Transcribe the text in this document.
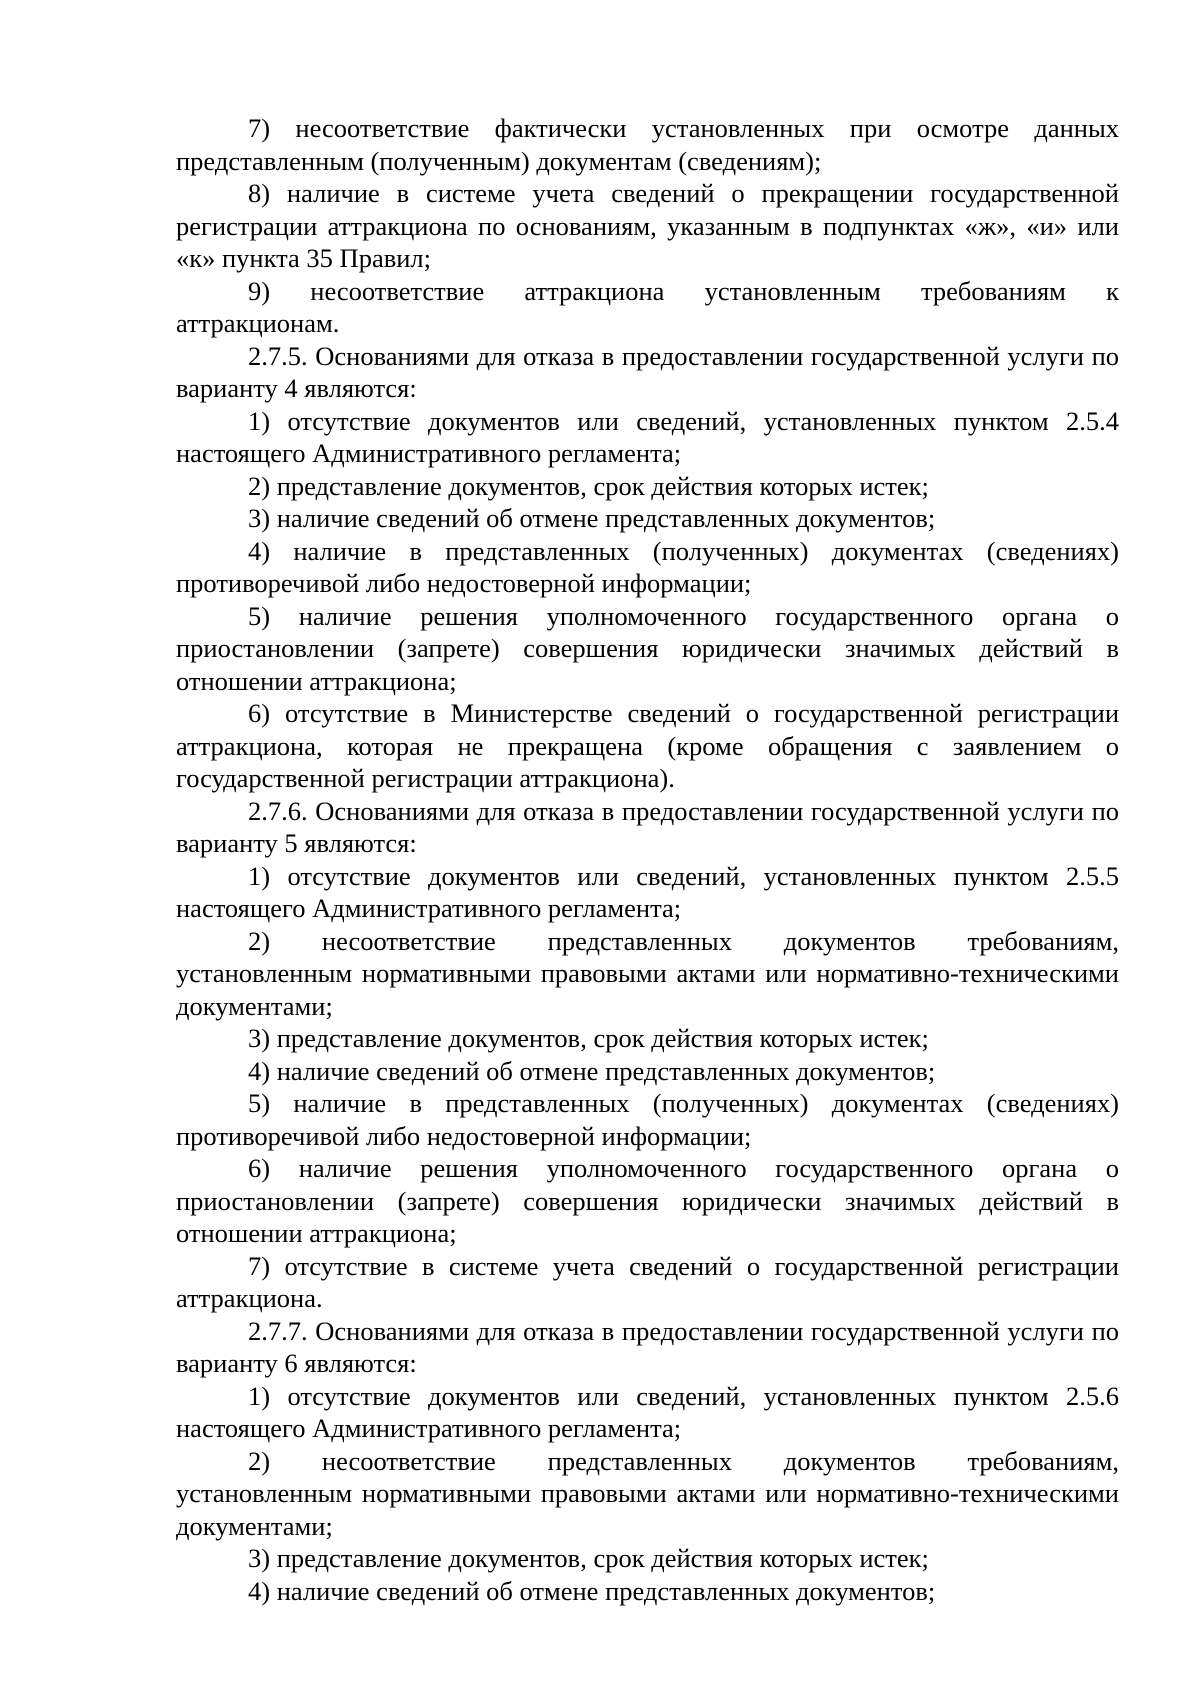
7) несоответствие фактически установленных при осмотре данных представленным (полученным) документам (сведениям);

8) наличие в системе учета сведений о прекращении государственной регистрации аттракциона по основаниям, указанным в подпунктах «ж», «и» или «к» пункта 35 Правил;

9) несоответствие аттракциона установленным требованиям к аттракционам.

2.7.5. Основаниями для отказа в предоставлении государственной услуги по варианту 4 являются:

1) отсутствие документов или сведений, установленных пунктом 2.5.4 настоящего Административного регламента;

2) представление документов, срок действия которых истек;

3) наличие сведений об отмене представленных документов;

4) наличие в представленных (полученных) документах (сведениях) противоречивой либо недостоверной информации;

5) наличие решения уполномоченного государственного органа о приостановлении (запрете) совершения юридически значимых действий в отношении аттракциона;

6) отсутствие в Министерстве сведений о государственной регистрации аттракциона, которая не прекращена (кроме обращения с заявлением о государственной регистрации аттракциона).

2.7.6. Основаниями для отказа в предоставлении государственной услуги по варианту 5 являются:

1) отсутствие документов или сведений, установленных пунктом 2.5.5 настоящего Административного регламента;

2) несоответствие представленных документов требованиям, установленным нормативными правовыми актами или нормативно-техническими документами;

3) представление документов, срок действия которых истек;

4) наличие сведений об отмене представленных документов;

5) наличие в представленных (полученных) документах (сведениях) противоречивой либо недостоверной информации;

6) наличие решения уполномоченного государственного органа о приостановлении (запрете) совершения юридически значимых действий в отношении аттракциона;

7) отсутствие в системе учета сведений о государственной регистрации аттракциона.

2.7.7. Основаниями для отказа в предоставлении государственной услуги по варианту 6 являются:

1) отсутствие документов или сведений, установленных пунктом 2.5.6 настоящего Административного регламента;

2) несоответствие представленных документов требованиям, установленным нормативными правовыми актами или нормативно-техническими документами;

3) представление документов, срок действия которых истек;

4) наличие сведений об отмене представленных документов;
